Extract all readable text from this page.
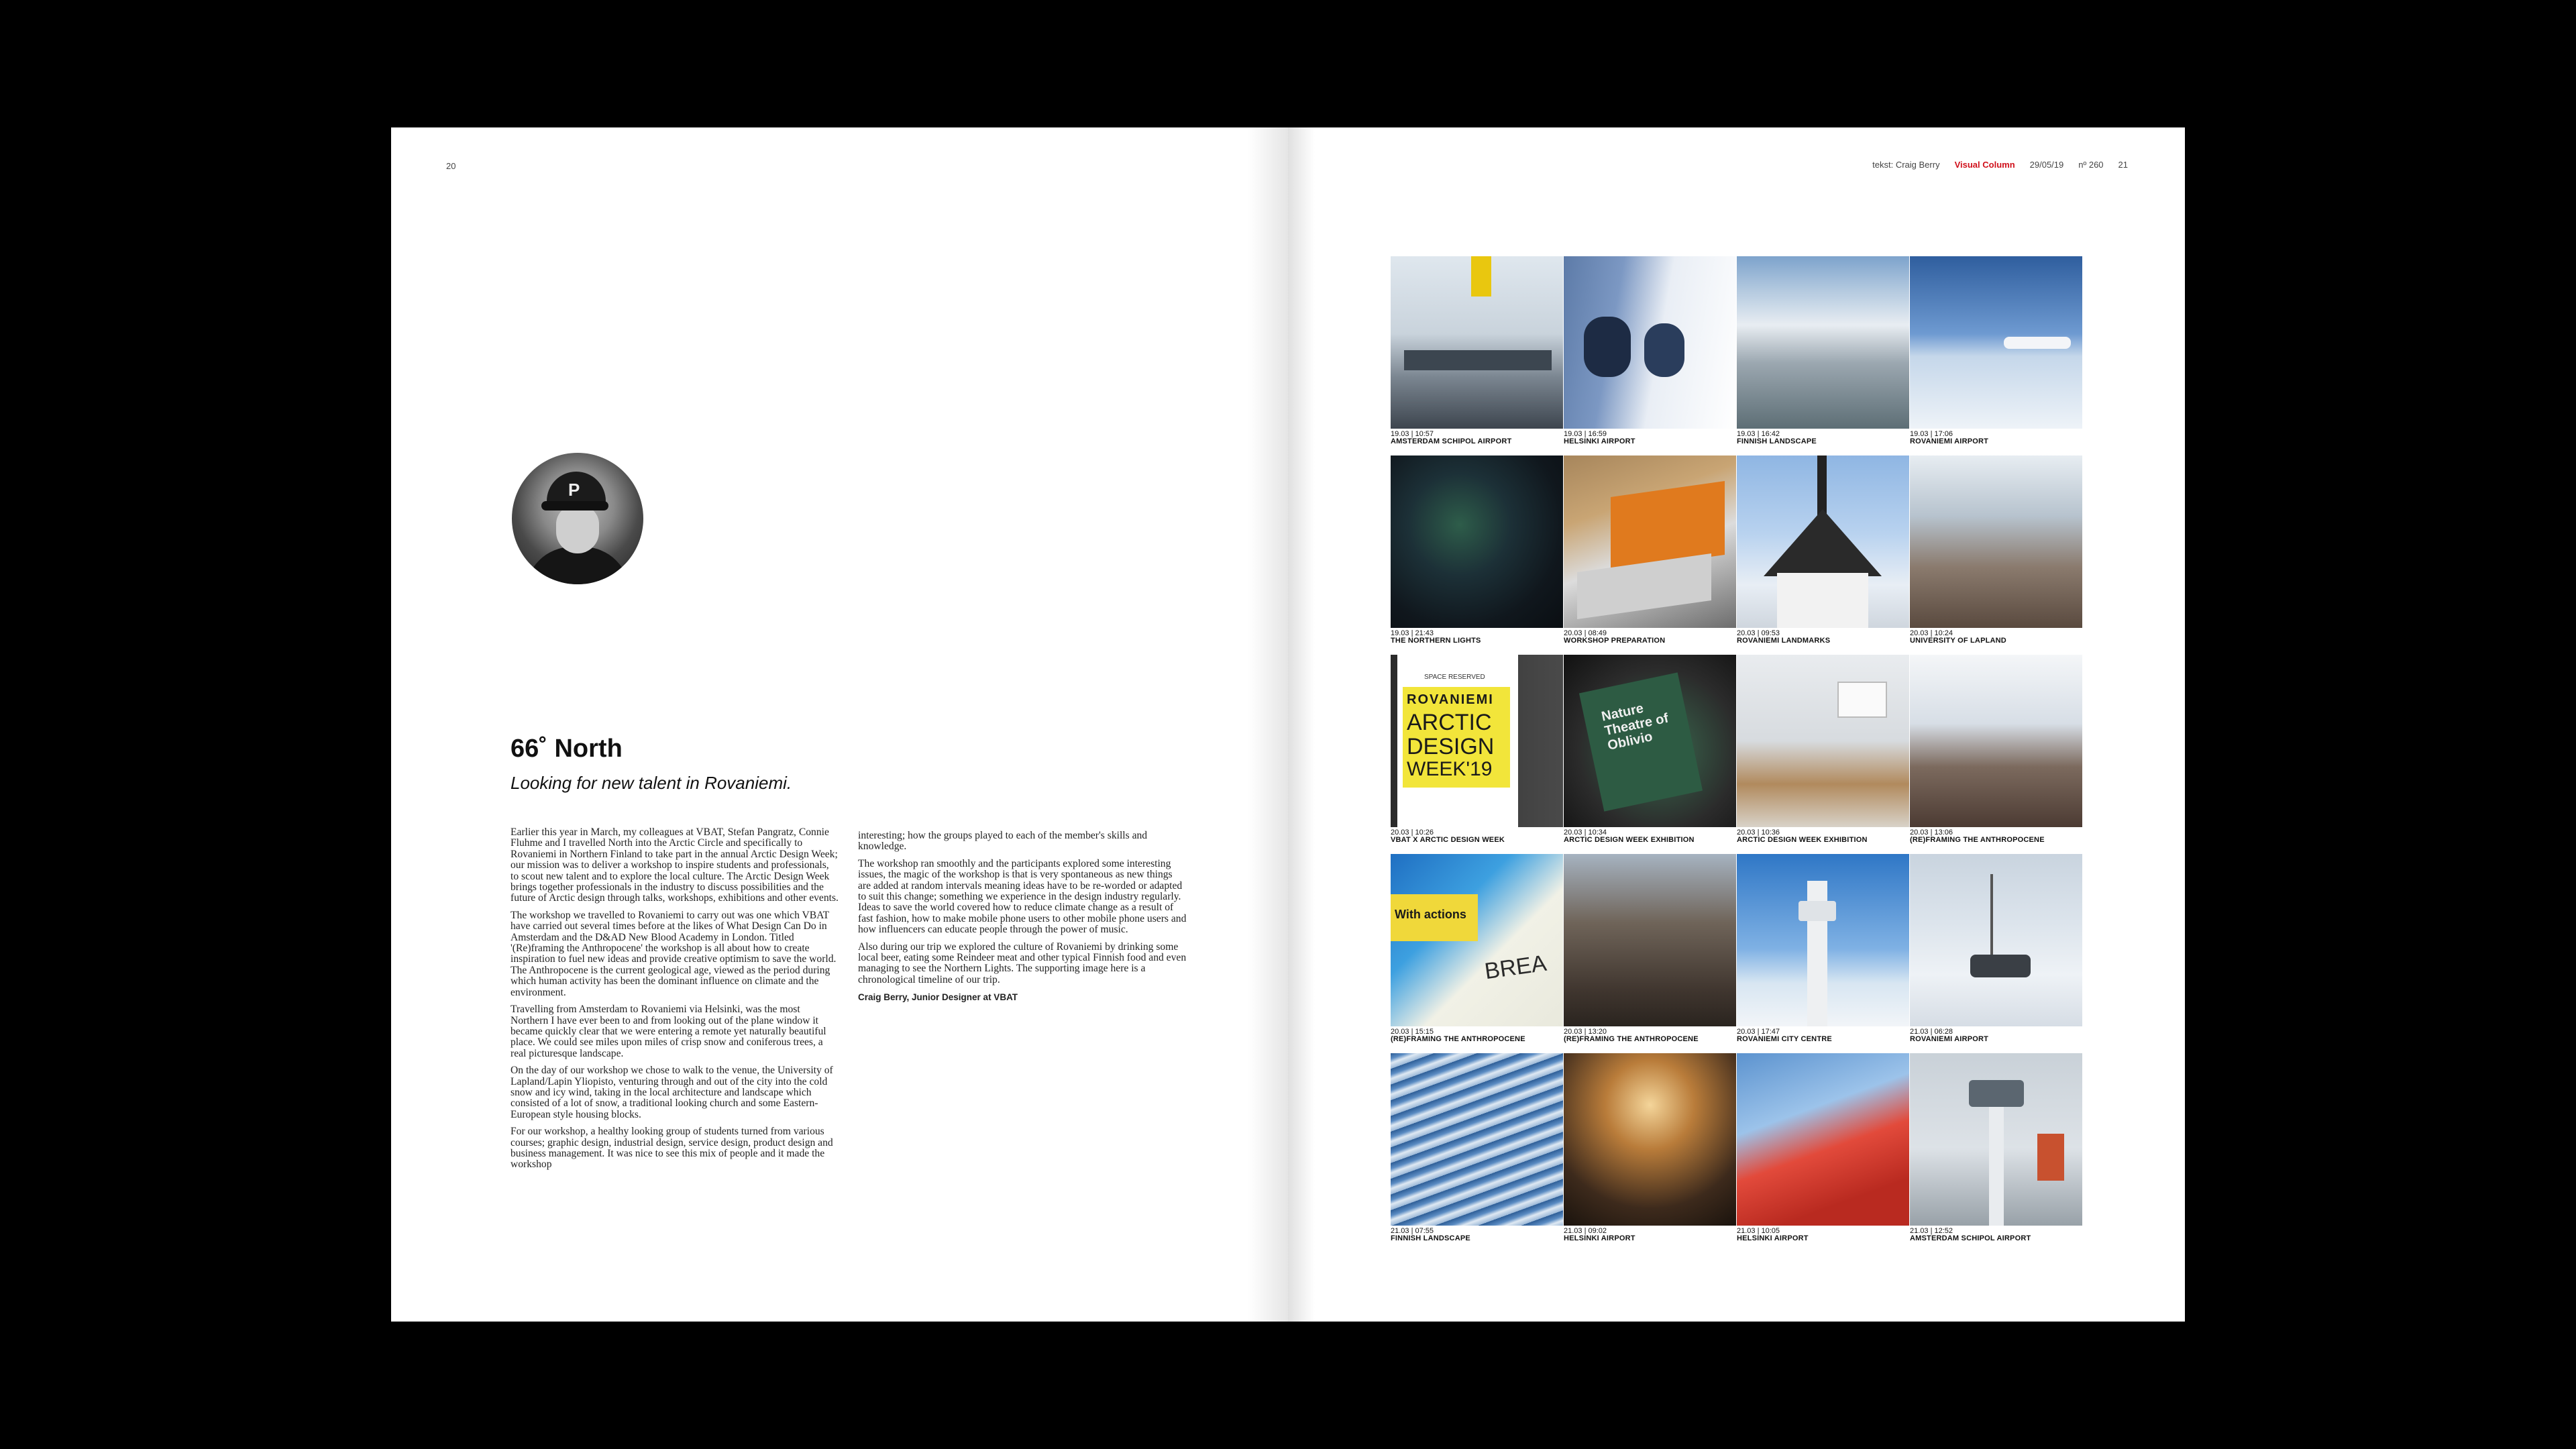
20
P
66˚ North
Looking for new talent in Rovaniemi.

Earlier this year in March, my colleagues at VBAT, Stefan Pangratz, Connie Fluhme and I travelled North into the Arctic Circle and specifically to Rovaniemi in Northern Finland to take part in the annual Arctic Design Week; our mission was to deliver a workshop to inspire students and professionals, to scout new talent and to explore the local culture. The Arctic Design Week brings together professionals in the industry to discuss possibilities and the future of Arctic design through talks, workshops, exhibitions and other events.

The workshop we travelled to Rovaniemi to carry out was one which VBAT have carried out several times before at the likes of What Design Can Do in Amsterdam and the D&AD New Blood Academy in London. Titled '(Re)framing the Anthropocene' the workshop is all about how to create inspiration to fuel new ideas and provide creative optimism to save the world. The Anthropocene is the current geological age, viewed as the period during which human activity has been the dominant influence on climate and the environment.

Travelling from Amsterdam to Rovaniemi via Helsinki, was the most Northern I have ever been to and from looking out of the plane window it became quickly clear that we were entering a remote yet naturally beautiful place. We could see miles upon miles of crisp snow and coniferous trees, a real picturesque landscape.

On the day of our workshop we chose to walk to the venue, the University of Lapland/Lapin Yliopisto, venturing through and out of the city into the cold snow and icy wind, taking in the local architecture and landscape which consisted of a lot of snow, a traditional looking church and some Eastern-European style housing blocks.

For our workshop, a healthy looking group of students turned from various courses; graphic design, industrial design, service design, product design and business management. It was nice to see this mix of people and it made the workshop

interesting; how the groups played to each of the member's skills and knowledge.

The workshop ran smoothly and the participants explored some interesting issues, the magic of the workshop is that is very spontaneous as new things are added at random intervals meaning ideas have to be re-worded or adapted to suit this change; something we experience in the design industry regularly. Ideas to save the world covered how to reduce climate change as a result of fast fashion, how to make mobile phone users to other mobile phone users and how influencers can educate people through the power of music.

Also during our trip we explored the culture of Rovaniemi by drinking some local beer, eating some Reindeer meat and other typical Finnish food and even managing to see the Northern Lights. The supporting image here is a chronological timeline of our trip.

Craig Berry, Junior Designer at VBAT
tekst: Craig Berry Visual Column 29/05/19 nº 260 21
19.03 | 10:57
AMSTERDAM SCHIPOL AIRPORT
19.03 | 16:59
HELSINKI AIRPORT
19.03 | 16:42
FINNISH LANDSCAPE
19.03 | 17:06
ROVANIEMI AIRPORT
19.03 | 21:43
THE NORTHERN LIGHTS
20.03 | 08:49
WORKSHOP PREPARATION
20.03 | 09:53
ROVANIEMI LANDMARKS
20.03 | 10:24
UNIVERSITY OF LAPLAND
SPACE RESERVED
ROVANIEMI
ARCTIC
DESIGN
WEEK'19
20.03 | 10:26
VBAT X ARCTIC DESIGN WEEK
Nature Theatre of Oblivio
20.03 | 10:34
ARCTIC DESIGN WEEK EXHIBITION
20.03 | 10:36
ARCTIC DESIGN WEEK EXHIBITION
20.03 | 13:06
(RE)FRAMING THE ANTHROPOCENE
With actions
BREA
20.03 | 15:15
(RE)FRAMING THE ANTHROPOCENE
20.03 | 13:20
(RE)FRAMING THE ANTHROPOCENE
20.03 | 17:47
ROVANIEMI CITY CENTRE
21.03 | 06:28
ROVANIEMI AIRPORT
21.03 | 07:55
FINNISH LANDSCAPE
21.03 | 09:02
HELSINKI AIRPORT
21.03 | 10:05
HELSINKI AIRPORT
21.03 | 12:52
AMSTERDAM SCHIPOL AIRPORT
